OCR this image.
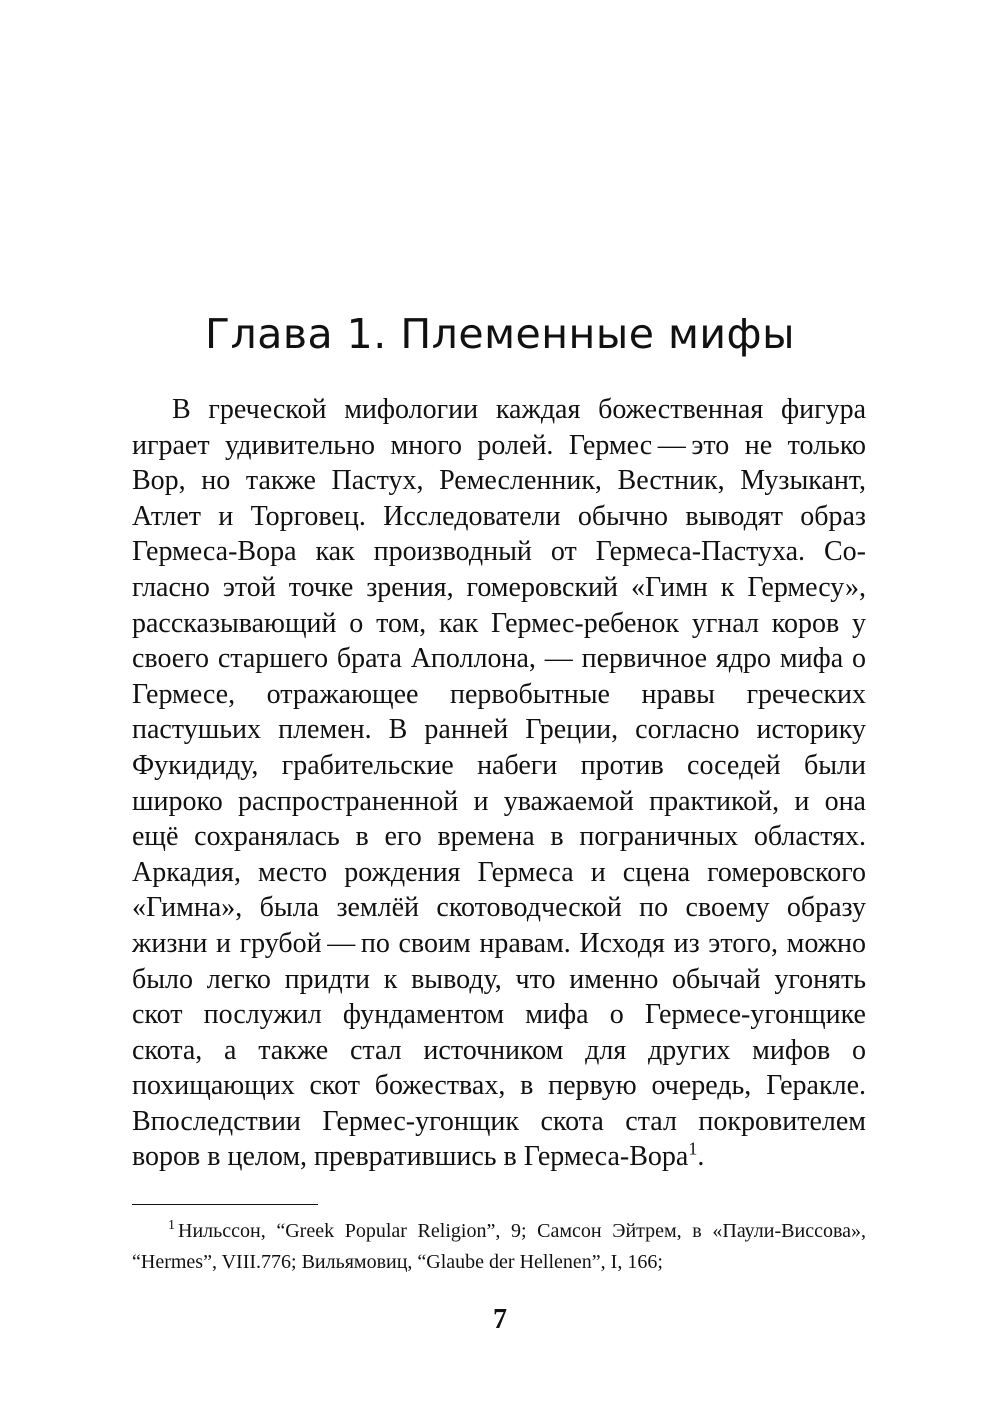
Глава 1. Племенные мифы

В греческой мифологии каждая божественная фигура играет удивительно много ролей. Гермес — это не только Вор, но также Пастух, Ремесленник, Вестник, Музыкант, Атлет и Торговец. Исследователи обычно выводят образ Гермеса-Вора как производный от Гермеса-Пастуха. Согласно этой точке зрения, гомеровский «Гимн к Гермесу», рассказывающий о том, как Гермес-ребенок угнал коров у своего старшего брата Аполлона, — первичное ядро мифа о Гермесе, отражающее первобытные нравы греческих пастушьих племен. В ранней Греции, согласно историку Фукидиду, грабительские набеги против соседей были широко распространенной и уважаемой практикой, и она ещё сохранялась в его времена в пограничных областях. Аркадия, место рождения Гермеса и сцена гомеровского «Гимна», была землёй скотоводческой по своему образу жизни и грубой — по своим нравам. Исходя из этого, можно было легко придти к выводу, что именно обычай угонять скот послужил фундаментом мифа о Гермесе-угонщике скота, а также стал источником для других мифов о похищающих скот божествах, в первую очередь, Геракле. Впоследствии Гермес-угонщик скота стал покровителем воров в целом, превратившись в Гермеса-Вора$^1$.

$^1$ Нильссон, “Greek Popular Religion”, 9; Самсон Эйтрем, в «Паули-Виссова», “Hermes”, VIII.776; Вильямовиц, “Glaube der Hellenen”, I, 166;

7
